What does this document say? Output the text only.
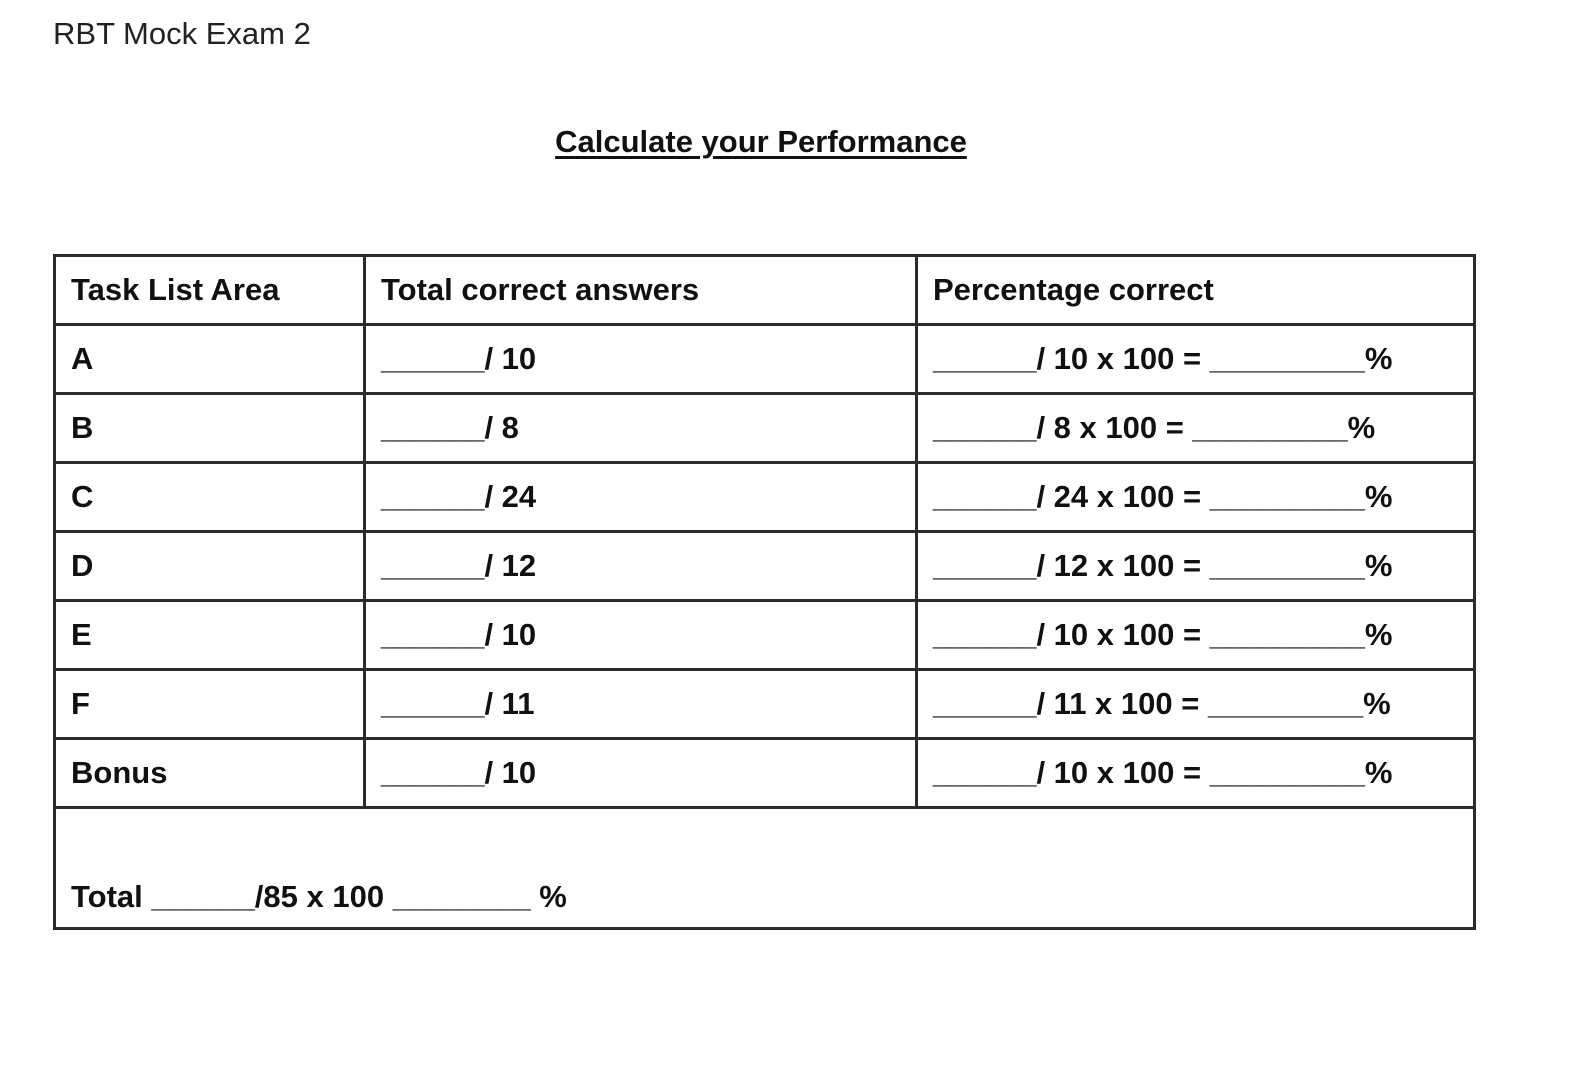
RBT Mock Exam 2

Calculate your Performance
Task List Area	Total correct answers	Percentage correct
A	______/ 10	______/ 10 x 100 = _________%
B	______/ 8	______/ 8 x 100 = _________%
C	______/ 24	______/ 24 x 100 = _________%
D	______/ 12	______/ 12 x 100 = _________%
E	______/ 10	______/ 10 x 100 = _________%
F	______/ 11	______/ 11 x 100 = _________%
Bonus	______/ 10	______/ 10 x 100 = _________%
Total ______/85 x 100 ________ %		
